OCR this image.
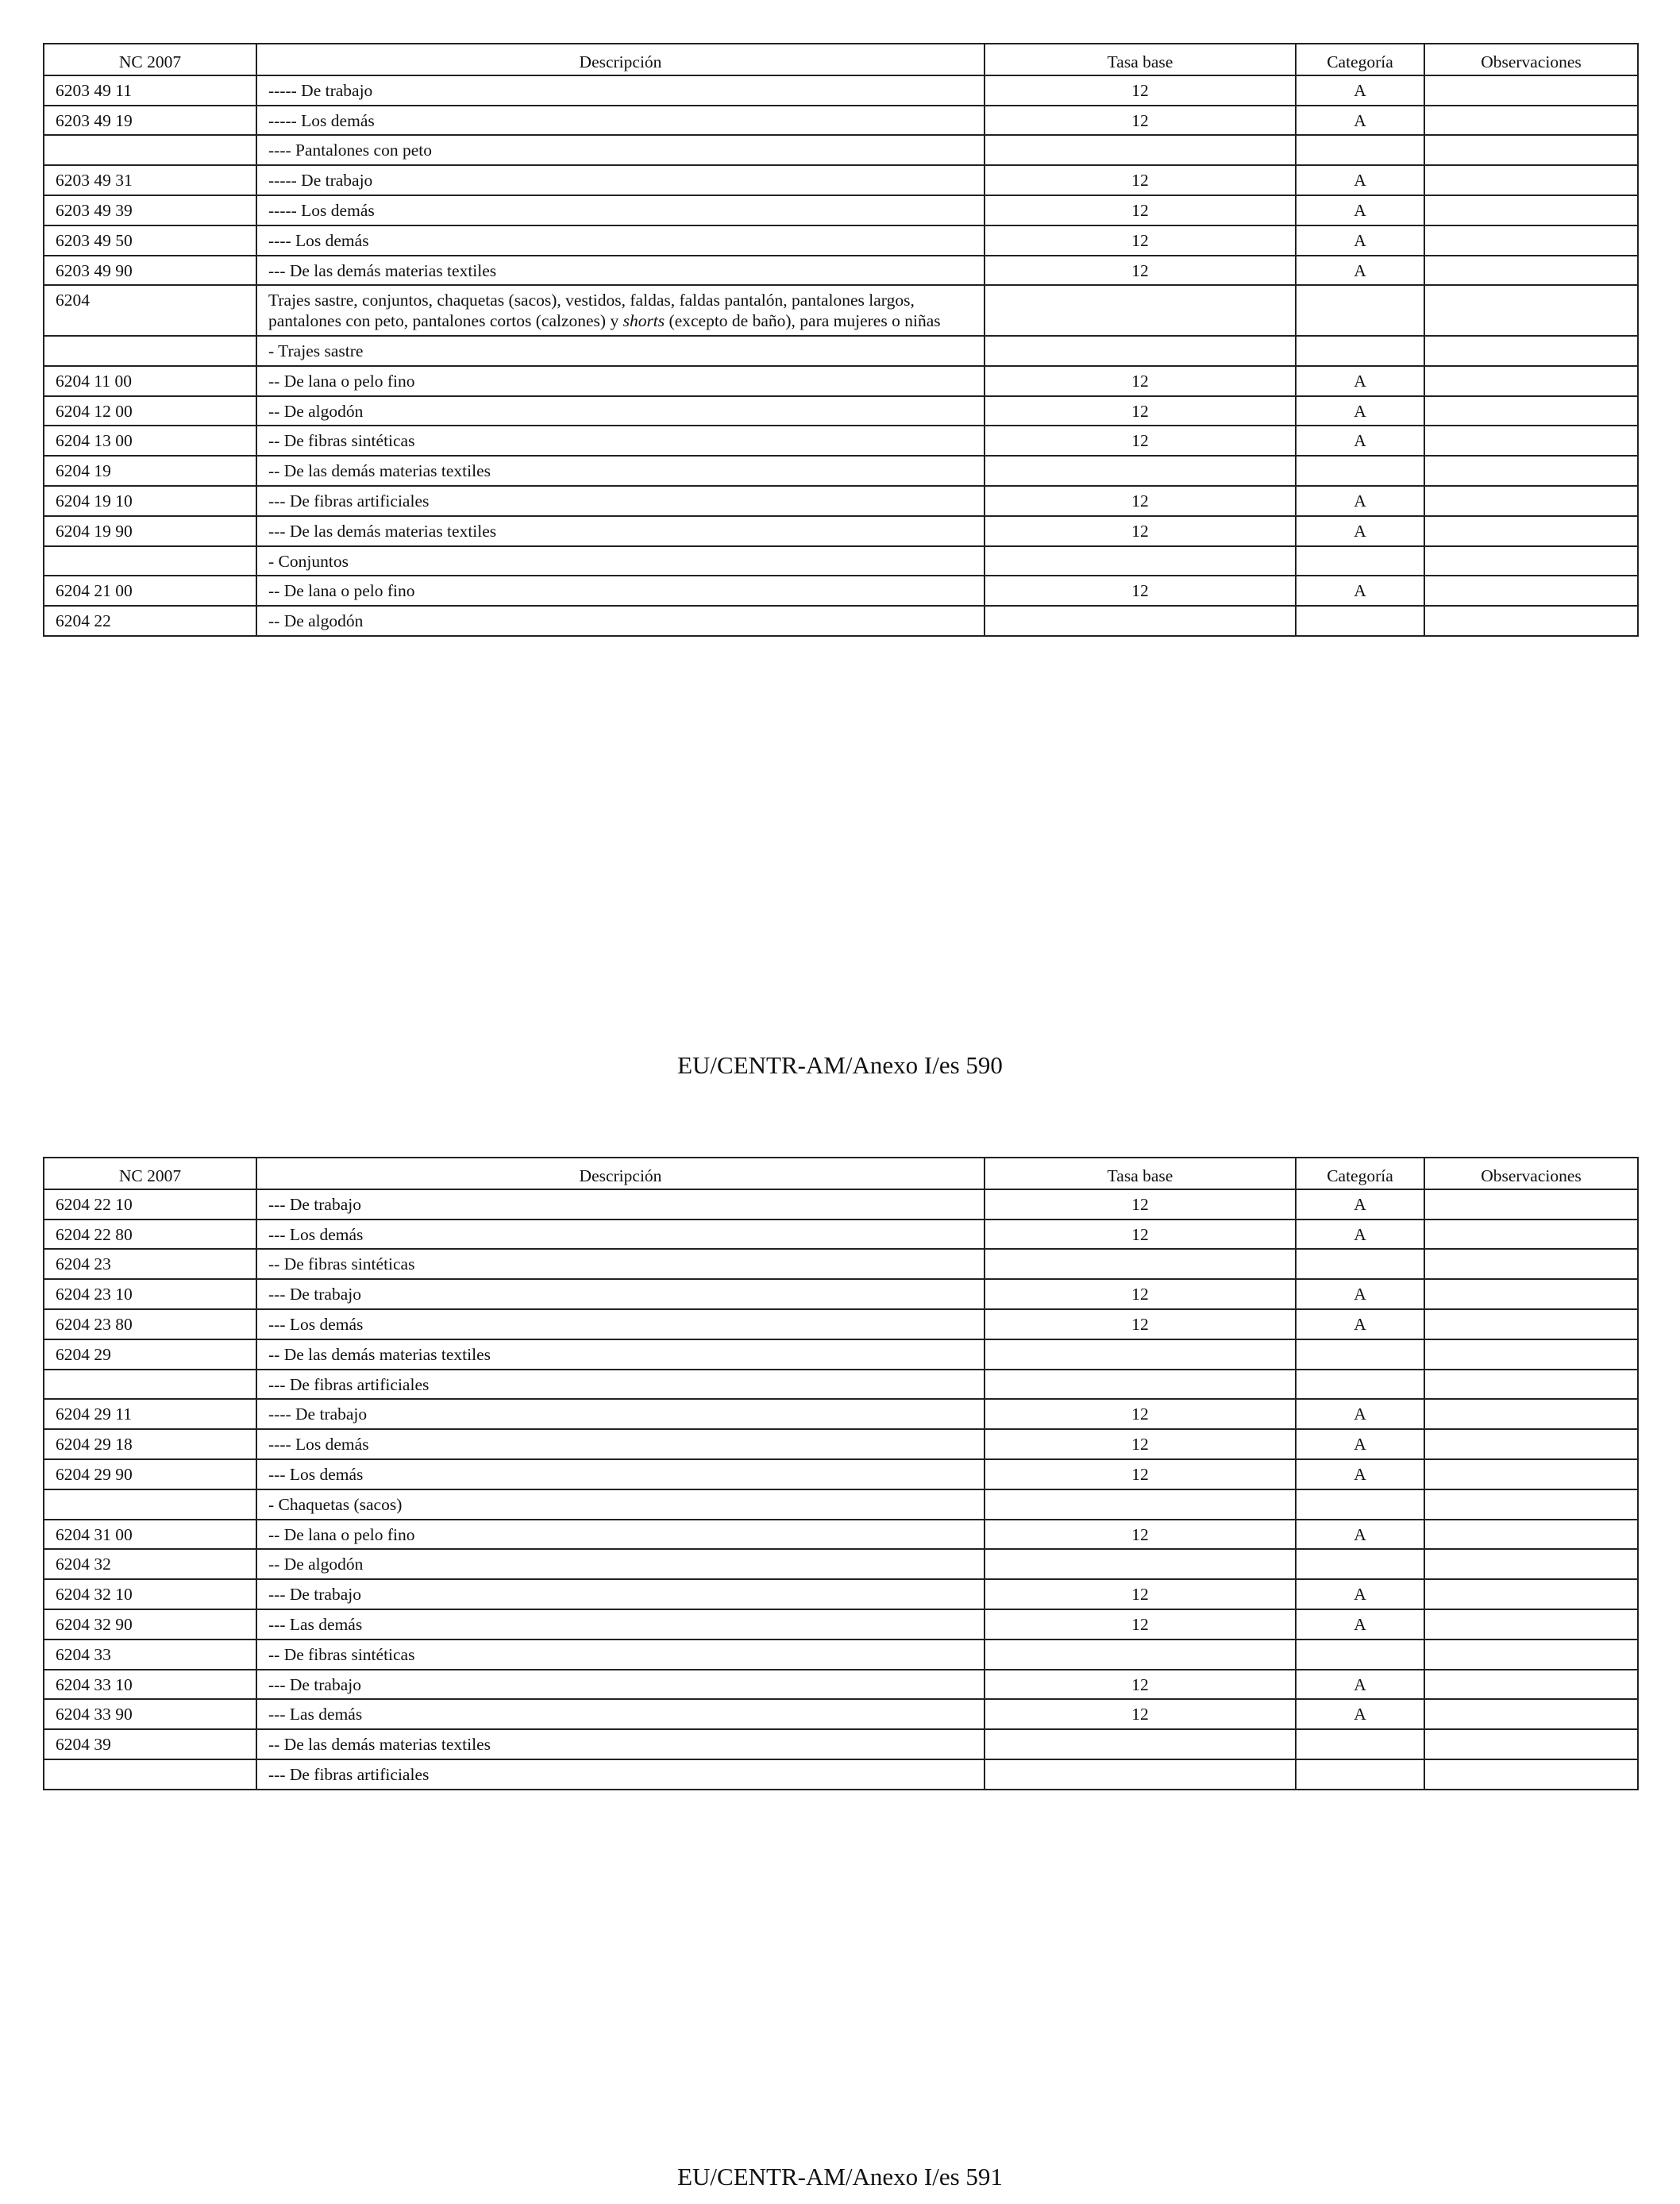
NC 2007	Descripción	Tasa base	Categoría	Observaciones
6203 49 11	----- De trabajo	12	A	
6203 49 19	----- Los demás	12	A	
	---- Pantalones con peto			
6203 49 31	----- De trabajo	12	A	
6203 49 39	----- Los demás	12	A	
6203 49 50	---- Los demás	12	A	
6203 49 90	--- De las demás materias textiles	12	A	
6204	Trajes sastre, conjuntos, chaquetas (sacos), vestidos, faldas, faldas pantalón, pantalones largos, pantalones con peto, pantalones cortos (calzones) y shorts (excepto de baño), para mujeres o niñas			
	- Trajes sastre			
6204 11 00	-- De lana o pelo fino	12	A	
6204 12 00	-- De algodón	12	A	
6204 13 00	-- De fibras sintéticas	12	A	
6204 19	-- De las demás materias textiles			
6204 19 10	--- De fibras artificiales	12	A	
6204 19 90	--- De las demás materias textiles	12	A	
	- Conjuntos			
6204 21 00	-- De lana o pelo fino	12	A	
6204 22	-- De algodón			
EU/CENTR-AM/Anexo I/es 590
NC 2007	Descripción	Tasa base	Categoría	Observaciones
6204 22 10	--- De trabajo	12	A	
6204 22 80	--- Los demás	12	A	
6204 23	-- De fibras sintéticas			
6204 23 10	--- De trabajo	12	A	
6204 23 80	--- Los demás	12	A	
6204 29	-- De las demás materias textiles			
	--- De fibras artificiales			
6204 29 11	---- De trabajo	12	A	
6204 29 18	---- Los demás	12	A	
6204 29 90	--- Los demás	12	A	
	- Chaquetas (sacos)			
6204 31 00	-- De lana o pelo fino	12	A	
6204 32	-- De algodón			
6204 32 10	--- De trabajo	12	A	
6204 32 90	--- Las demás	12	A	
6204 33	-- De fibras sintéticas			
6204 33 10	--- De trabajo	12	A	
6204 33 90	--- Las demás	12	A	
6204 39	-- De las demás materias textiles			
	--- De fibras artificiales			
EU/CENTR-AM/Anexo I/es 591
